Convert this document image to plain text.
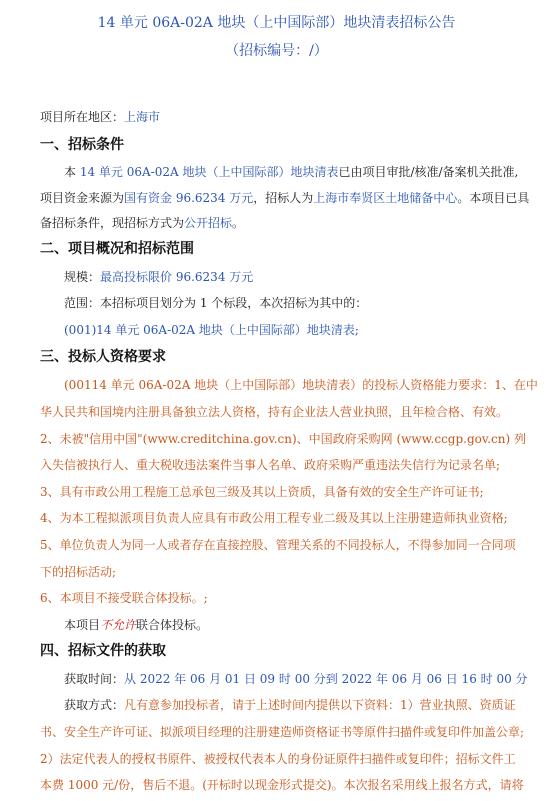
14 单元 06A-02A 地块（上中国际部）地块清表招标公告
（招标编号：/）
项目所在地区：上海市
一、招标条件
本 14 单元 06A-02A 地块（上中国际部）地块清表已由项目审批/核准/备案机关批准,
项目资金来源为国有资金 96.6234 万元，招标人为上海市奉贤区土地储备中心。本项目已具
备招标条件，现招标方式为公开招标。
二、项目概况和招标范围
规模：最高投标限价 96.6234 万元
范围：本招标项目划分为 1 个标段，本次招标为其中的：
(001)14 单元 06A-02A 地块（上中国际部）地块清表;
三、投标人资格要求
(00114 单元 06A-02A 地块（上中国际部）地块清表）的投标人资格能力要求：1、在中
华人民共和国境内注册具备独立法人资格，持有企业法人营业执照，且年检合格、有效。
2、未被"信用中国"(www.creditchina.gov.cn)、中国政府采购网 (www.ccgp.gov.cn) 列
入失信被执行人、重大税收违法案件当事人名单、政府采购严重违法失信行为记录名单;
3、具有市政公用工程施工总承包三级及其以上资质，具备有效的安全生产许可证书;
4、为本工程拟派项目负责人应具有市政公用工程专业二级及其以上注册建造师执业资格;
5、单位负责人为同一人或者存在直接控股、管理关系的不同投标人，不得参加同一合同项
下的招标活动;
6、本项目不接受联合体投标。;
本项目不允许联合体投标。
四、招标文件的获取
获取时间：从 2022 年 06 月 01 日 09 时 00 分到 2022 年 06 月 06 日 16 时 00 分
获取方式：凡有意参加投标者，请于上述时间内提供以下资料：1）营业执照、资质证
书、安全生产许可证、拟派项目经理的注册建造师资格证书等原件扫描件或复印件加盖公章;
2）法定代表人的授权书原件、被授权代表本人的身份证原件扫描件或复印件；招标文件工
本费 1000 元/份，售后不退。(开标时以现金形式提交)。本次报名采用线上报名方式，请将
